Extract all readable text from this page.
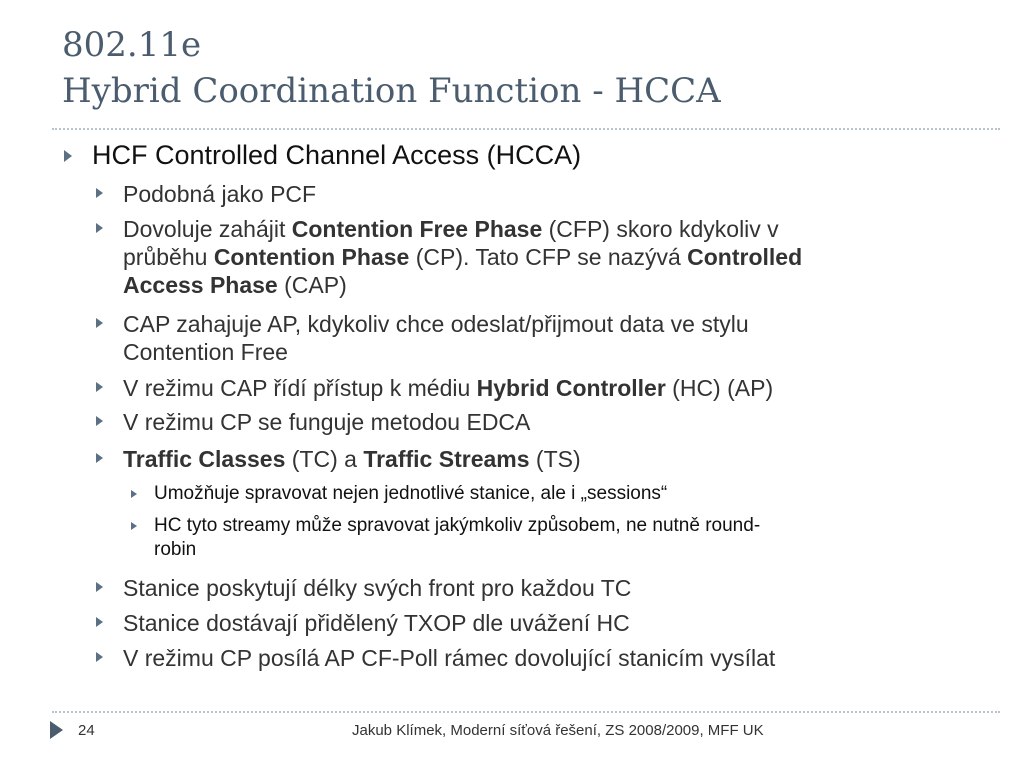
802.11e
Hybrid Coordination Function - HCCA
HCF Controlled Channel Access (HCCA)
Podobná jako PCF
Dovoluje zahájit Contention Free Phase (CFP) skoro kdykoliv v
průběhu Contention Phase (CP). Tato CFP se nazývá Controlled
Access Phase (CAP)
CAP zahajuje AP, kdykoliv chce odeslat/přijmout data ve stylu
Contention Free
V režimu CAP řídí přístup k médiu Hybrid Controller (HC) (AP)
V režimu CP se funguje metodou EDCA
Traffic Classes (TC) a Traffic Streams (TS)
Umožňuje spravovat nejen jednotlivé stanice, ale i „sessions“
HC tyto streamy může spravovat jakýmkoliv způsobem, ne nutně round-
robin
Stanice poskytují délky svých front pro každou TC
Stanice dostávají přidělený TXOP dle uvážení HC
V režimu CP posílá AP CF-Poll rámec dovolující stanicím vysílat
24	Jakub Klímek, Moderní síťová řešení, ZS 2008/2009, MFF UK
